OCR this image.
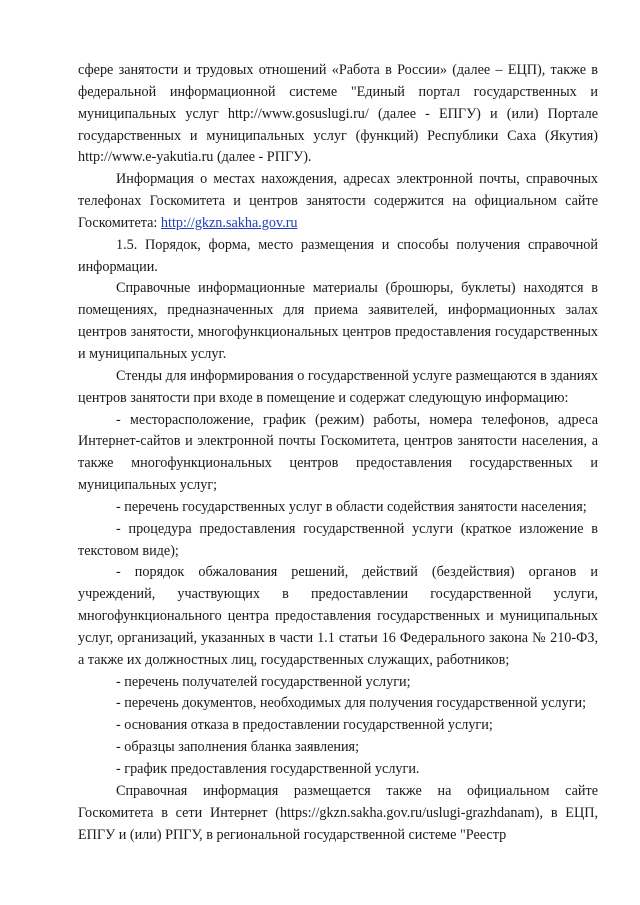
сфере занятости и трудовых отношений «Работа в России» (далее – ЕЦП), также в федеральной информационной системе "Единый портал государственных и муниципальных услуг http://www.gosuslugi.ru/ (далее - ЕПГУ) и (или) Портале государственных и муниципальных услуг (функций) Республики Саха (Якутия) http://www.e-yakutia.ru (далее - РПГУ).

Информация о местах нахождения, адресах электронной почты, справочных телефонах Госкомитета и центров занятости содержится на официальном сайте Госкомитета: http://gkzn.sakha.gov.ru

1.5. Порядок, форма, место размещения и способы получения справочной информации.

Справочные информационные материалы (брошюры, буклеты) находятся в помещениях, предназначенных для приема заявителей, информационных залах центров занятости, многофункциональных центров предоставления государственных и муниципальных услуг.

Стенды для информирования о государственной услуге размещаются в зданиях центров занятости при входе в помещение и содержат следующую информацию:

- месторасположение, график (режим) работы, номера телефонов, адреса Интернет-сайтов и электронной почты Госкомитета, центров занятости населения, а также многофункциональных центров предоставления государственных и муниципальных услуг;

- перечень государственных услуг в области содействия занятости населения;

- процедура предоставления государственной услуги (краткое изложение в текстовом виде);

- порядок обжалования решений, действий (бездействия) органов и учреждений, участвующих в предоставлении государственной услуги, многофункционального центра предоставления государственных и муниципальных услуг, организаций, указанных в части 1.1 статьи 16 Федерального закона № 210-ФЗ, а также их должностных лиц, государственных служащих, работников;

- перечень получателей государственной услуги;

- перечень документов, необходимых для получения государственной услуги;

- основания отказа в предоставлении государственной услуги;

- образцы заполнения бланка заявления;

- график предоставления государственной услуги.

Справочная информация размещается также на официальном сайте Госкомитета в сети Интернет (https://gkzn.sakha.gov.ru/uslugi-grazhdanam), в ЕЦП, ЕПГУ и (или) РПГУ, в региональной государственной системе "Реестр
